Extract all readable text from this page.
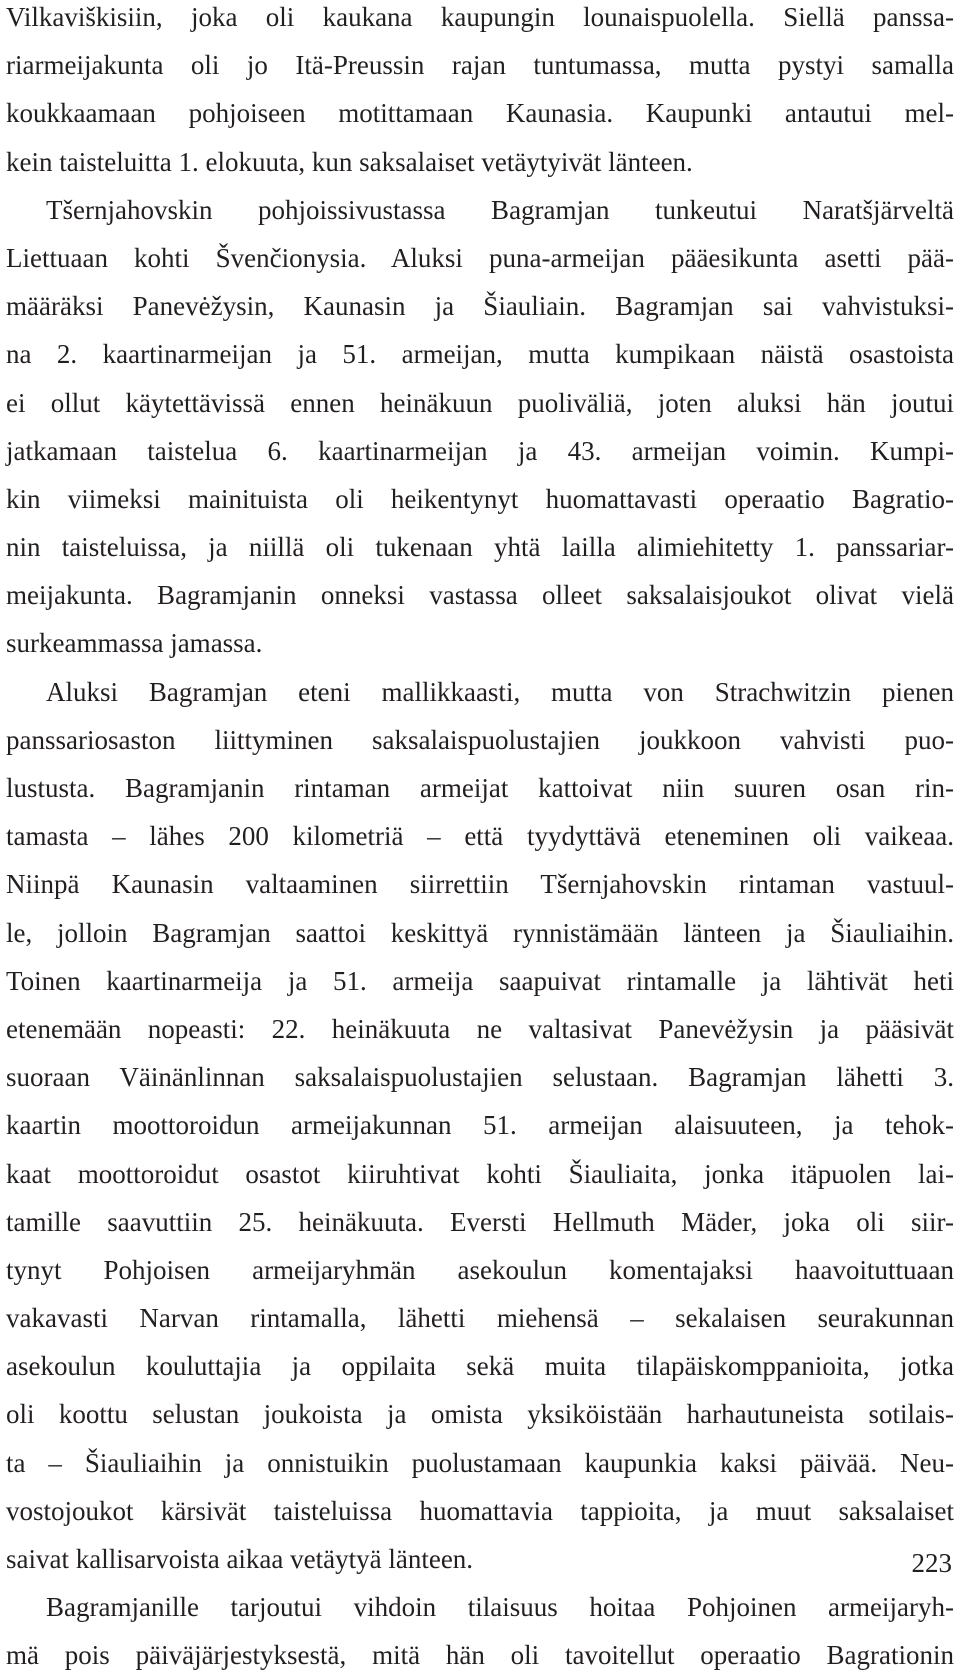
Vilkaviškisiin, joka oli kaukana kaupungin lounaispuolella. Siellä panssa-
riarmeijakunta oli jo Itä-Preussin rajan tuntumassa, mutta pystyi samalla
koukkaamaan pohjoiseen motittamaan Kaunasia. Kaupunki antautui mel-
kein taisteluitta 1. elokuuta, kun saksalaiset vetäytyivät länteen.
Tšernjahovskin pohjoissivustassa Bagramjan tunkeutui Naratšjärveltä
Liettuaan kohti Švenčionysia. Aluksi puna-armeijan pääesikunta asetti pää-
määräksi Panevėžysin, Kaunasin ja Šiauliain. Bagramjan sai vahvistuksi-
na 2. kaartinarmeijan ja 51. armeijan, mutta kumpikaan näistä osastoista
ei ollut käytettävissä ennen heinäkuun puoliväliä, joten aluksi hän joutui
jatkamaan taistelua 6. kaartinarmeijan ja 43. armeijan voimin. Kumpi-
kin viimeksi mainituista oli heikentynyt huomattavasti operaatio Bagratio-
nin taisteluissa, ja niillä oli tukenaan yhtä lailla alimiehitetty 1. panssariar-
meijakunta. Bagramjanin onneksi vastassa olleet saksalaisjoukot olivat vielä
surkeammassa jamassa.
Aluksi Bagramjan eteni mallikkaasti, mutta von Strachwitzin pienen
panssariosaston liittyminen saksalaispuolustajien joukkoon vahvisti puo-
lustusta. Bagramjanin rintaman armeijat kattoivat niin suuren osan rin-
tamasta – lähes 200 kilometriä – että tyydyttävä eteneminen oli vaikeaa.
Niinpä Kaunasin valtaaminen siirrettiin Tšernjahovskin rintaman vastuul-
le, jolloin Bagramjan saattoi keskittyä rynnistämään länteen ja Šiauliaihin.
Toinen kaartinarmeija ja 51. armeija saapuivat rintamalle ja lähtivät heti
etenemään nopeasti: 22. heinäkuuta ne valtasivat Panevėžysin ja pääsivät
suoraan Väinänlinnan saksalaispuolustajien selustaan. Bagramjan lähetti 3.
kaartin moottoroidun armeijakunnan 51. armeijan alaisuuteen, ja tehok-
kaat moottoroidut osastot kiiruhtivat kohti Šiauliaita, jonka itäpuolen lai-
tamille saavuttiin 25. heinäkuuta. Eversti Hellmuth Mäder, joka oli siir-
tynyt Pohjoisen armeijaryhmän asekoulun komentajaksi haavoituttuaan
vakavasti Narvan rintamalla, lähetti miehensä – sekalaisen seurakunnan
asekoulun kouluttajia ja oppilaita sekä muita tilapäiskomppanioita, jotka
oli koottu selustan joukoista ja omista yksiköistään harhautuneista sotilais-
ta – Šiauliaihin ja onnistuikin puolustamaan kaupunkia kaksi päivää. Neu-
vostojoukot kärsivät taisteluissa huomattavia tappioita, ja muut saksalaiset
saivat kallisarvoista aikaa vetäytyä länteen.
Bagramjanille tarjoutui vihdoin tilaisuus hoitaa Pohjoinen armeijaryh-
mä pois päiväjärjestyksestä, mitä hän oli tavoitellut operaatio Bagrationin
223
